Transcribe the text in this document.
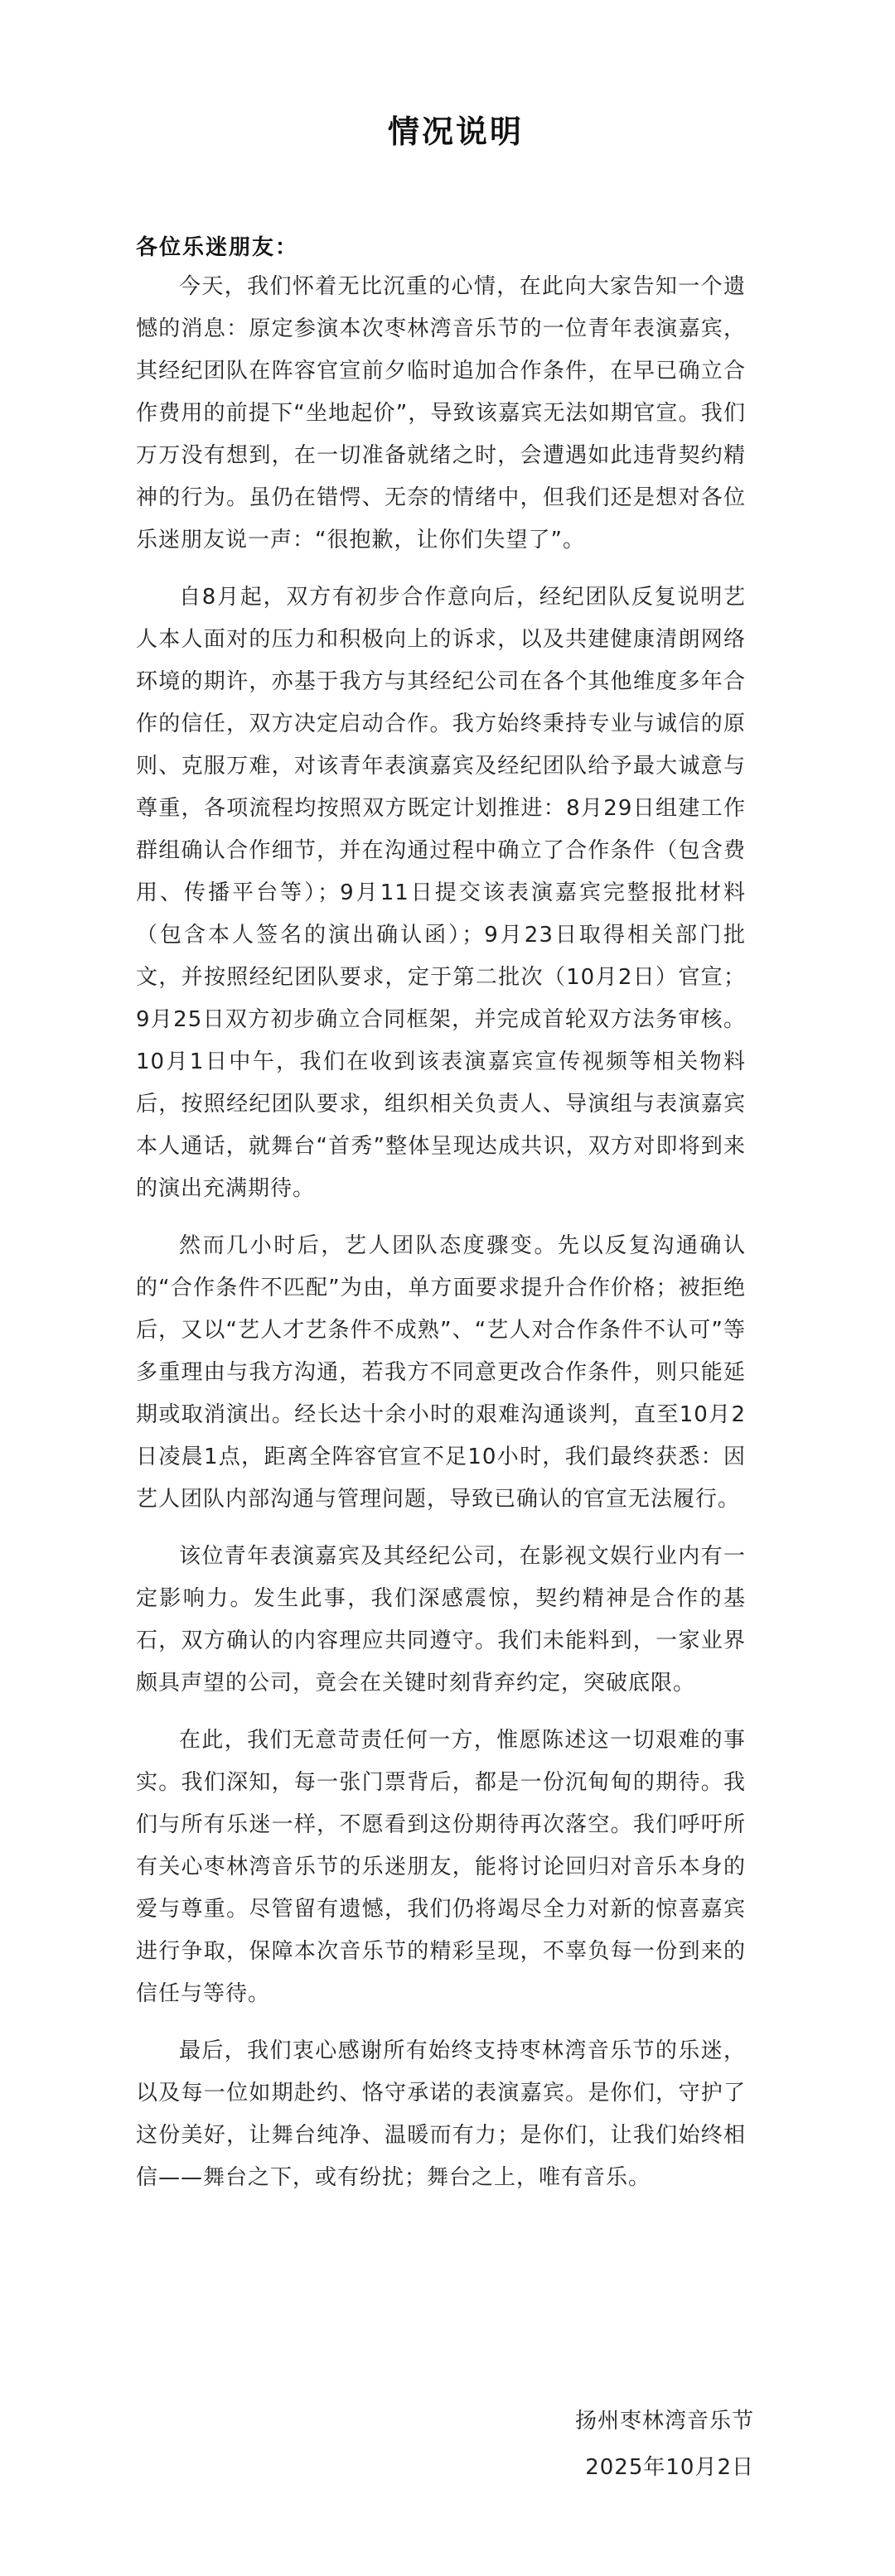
情况说明

各位乐迷朋友：

今天，我们怀着无比沉重的心情，在此向大家告知一个遗憾的消息：原定参演本次枣林湾音乐节的一位青年表演嘉宾，其经纪团队在阵容官宣前夕临时追加合作条件，在早已确立合作费用的前提下“坐地起价”，导致该嘉宾无法如期官宣。我们万万没有想到，在一切准备就绪之时，会遭遇如此违背契约精神的行为。虽仍在错愕、无奈的情绪中，但我们还是想对各位乐迷朋友说一声：“很抱歉，让你们失望了”。

自8月起，双方有初步合作意向后，经纪团队反复说明艺人本人面对的压力和积极向上的诉求，以及共建健康清朗网络环境的期许，亦基于我方与其经纪公司在各个其他维度多年合作的信任，双方决定启动合作。我方始终秉持专业与诚信的原则、克服万难，对该青年表演嘉宾及经纪团队给予最大诚意与尊重，各项流程均按照双方既定计划推进：8月29日组建工作群组确认合作细节，并在沟通过程中确立了合作条件（包含费用、传播平台等）；9月11日提交该表演嘉宾完整报批材料（包含本人签名的演出确认函）；9月23日取得相关部门批文，并按照经纪团队要求，定于第二批次（10月2日）官宣；9月25日双方初步确立合同框架，并完成首轮双方法务审核。10月1日中午，我们在收到该表演嘉宾宣传视频等相关物料后，按照经纪团队要求，组织相关负责人、导演组与表演嘉宾本人通话，就舞台“首秀”整体呈现达成共识，双方对即将到来的演出充满期待。

然而几小时后，艺人团队态度骤变。先以反复沟通确认的“合作条件不匹配”为由，单方面要求提升合作价格；被拒绝后，又以“艺人才艺条件不成熟”、“艺人对合作条件不认可”等多重理由与我方沟通，若我方不同意更改合作条件，则只能延期或取消演出。经长达十余小时的艰难沟通谈判，直至10月2日凌晨1点，距离全阵容官宣不足10小时，我们最终获悉：因艺人团队内部沟通与管理问题，导致已确认的官宣无法履行。

该位青年表演嘉宾及其经纪公司，在影视文娱行业内有一定影响力。发生此事，我们深感震惊，契约精神是合作的基石，双方确认的内容理应共同遵守。我们未能料到，一家业界颇具声望的公司，竟会在关键时刻背弃约定，突破底限。

在此，我们无意苛责任何一方，惟愿陈述这一切艰难的事实。我们深知，每一张门票背后，都是一份沉甸甸的期待。我们与所有乐迷一样，不愿看到这份期待再次落空。我们呼吁所有关心枣林湾音乐节的乐迷朋友，能将讨论回归对音乐本身的爱与尊重。尽管留有遗憾，我们仍将竭尽全力对新的惊喜嘉宾进行争取，保障本次音乐节的精彩呈现，不辜负每一份到来的信任与等待。

最后，我们衷心感谢所有始终支持枣林湾音乐节的乐迷，以及每一位如期赴约、恪守承诺的表演嘉宾。是你们，守护了这份美好，让舞台纯净、温暖而有力；是你们，让我们始终相信——舞台之下，或有纷扰；舞台之上，唯有音乐。

扬州枣林湾音乐节
2025年10月2日
